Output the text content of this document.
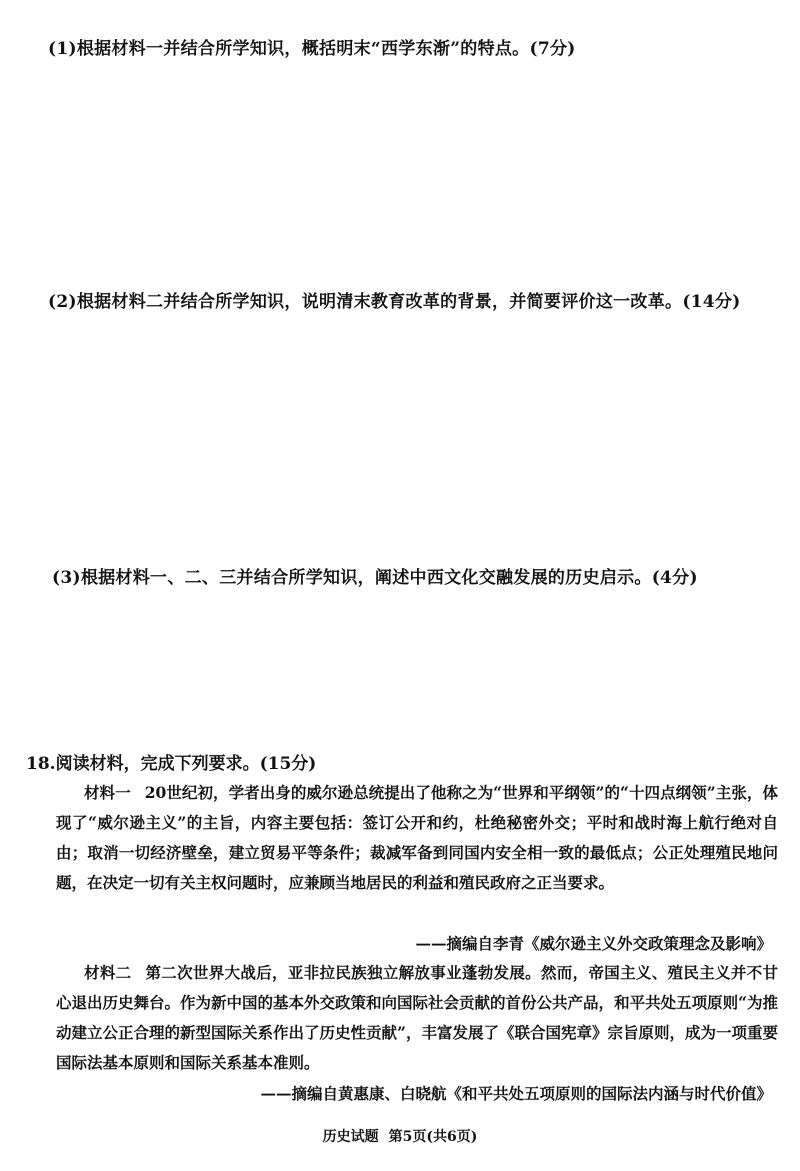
(1)根据材料一并结合所学知识，概括明末“西学东渐”的特点。(7分)
(2)根据材料二并结合所学知识，说明清末教育改革的背景，并简要评价这一改革。(14分)
(3)根据材料一、二、三并结合所学知识，阐述中西文化交融发展的历史启示。(4分)
18.阅读材料，完成下列要求。(15分)
材料一 20世纪初，学者出身的威尔逊总统提出了他称之为“世界和平纲领”的“十四点纲领”主张，体现了“威尔逊主义”的主旨，内容主要包括：签订公开和约，杜绝秘密外交；平时和战时海上航行绝对自由；取消一切经济壁垒，建立贸易平等条件；裁减军备到同国内安全相一致的最低点；公正处理殖民地问题，在决定一切有关主权问题时，应兼顾当地居民的利益和殖民政府之正当要求。
——摘编自李青《威尔逊主义外交政策理念及影响》
材料二 第二次世界大战后，亚非拉民族独立解放事业蓬勃发展。然而，帝国主义、殖民主义并不甘心退出历史舞台。作为新中国的基本外交政策和向国际社会贡献的首份公共产品，和平共处五项原则“为推动建立公正合理的新型国际关系作出了历史性贡献”，丰富发展了《联合国宪章》宗旨原则，成为一项重要国际法基本原则和国际关系基本准则。
——摘编自黄惠康、白晓航《和平共处五项原则的国际法内涵与时代价值》
历史试题 第5页(共6页)
